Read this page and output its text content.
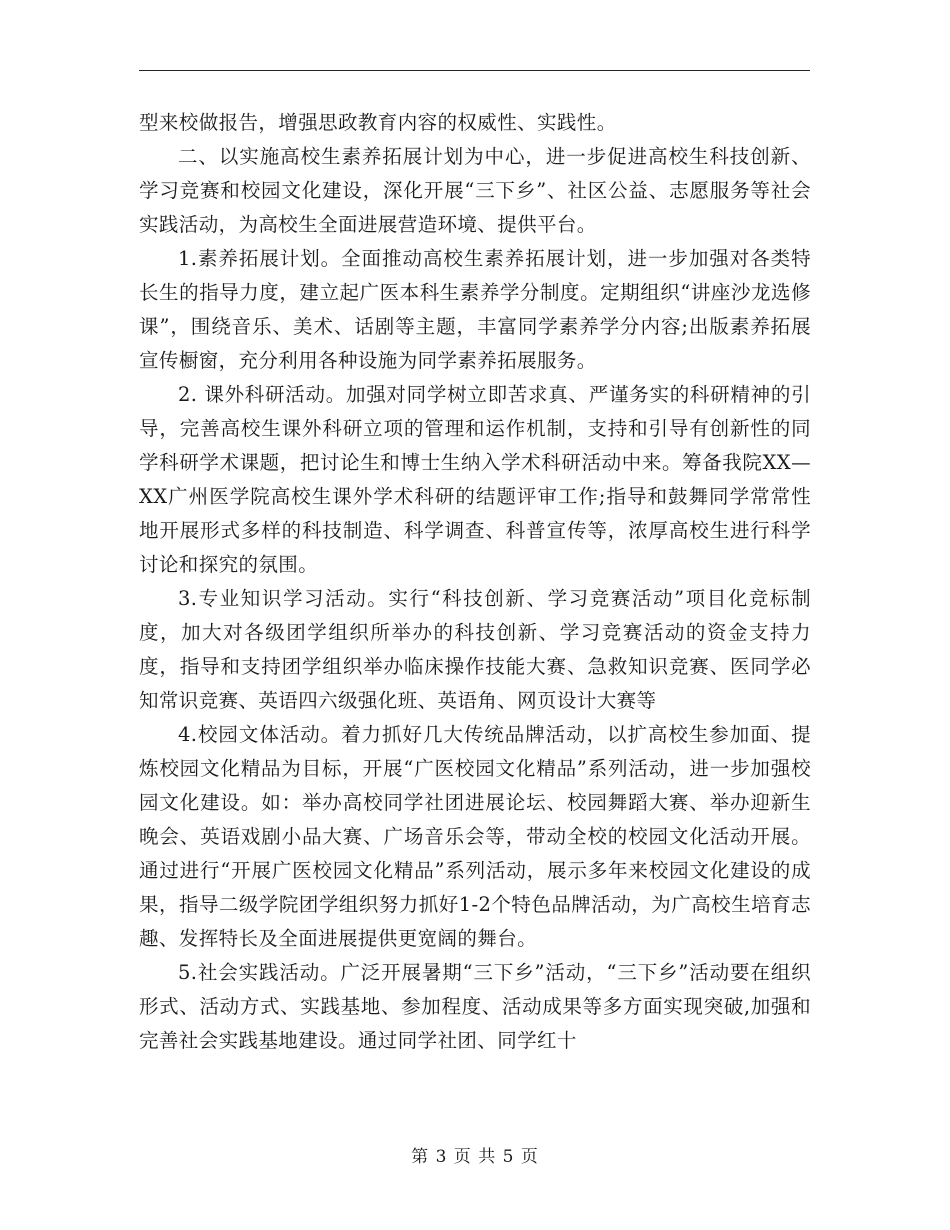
型来校做报告，增强思政教育内容的权威性、实践性。

二、以实施高校生素养拓展计划为中心，进一步促进高校生科技创新、学习竞赛和校园文化建设，深化开展“三下乡”、社区公益、志愿服务等社会实践活动，为高校生全面进展营造环境、提供平台。

1.素养拓展计划。全面推动高校生素养拓展计划，进一步加强对各类特长生的指导力度，建立起广医本科生素养学分制度。定期组织“讲座沙龙选修课”，围绕音乐、美术、话剧等主题，丰富同学素养学分内容;出版素养拓展宣传橱窗，充分利用各种设施为同学素养拓展服务。

2. 课外科研活动。加强对同学树立即苦求真、严谨务实的科研精神的引导，完善高校生课外科研立项的管理和运作机制，支持和引导有创新性的同学科研学术课题，把讨论生和博士生纳入学术科研活动中来。筹备我院XX—XX广州医学院高校生课外学术科研的结题评审工作;指导和鼓舞同学常常性地开展形式多样的科技制造、科学调查、科普宣传等，浓厚高校生进行科学讨论和探究的氛围。

3.专业知识学习活动。实行“科技创新、学习竞赛活动”项目化竞标制度，加大对各级团学组织所举办的科技创新、学习竞赛活动的资金支持力度，指导和支持团学组织举办临床操作技能大赛、急救知识竞赛、医同学必知常识竞赛、英语四六级强化班、英语角、网页设计大赛等

4.校园文体活动。着力抓好几大传统品牌活动，以扩高校生参加面、提炼校园文化精品为目标，开展“广医校园文化精品”系列活动，进一步加强校园文化建设。如：举办高校同学社团进展论坛、校园舞蹈大赛、举办迎新生晚会、英语戏剧小品大赛、广场音乐会等，带动全校的校园文化活动开展。通过进行“开展广医校园文化精品”系列活动，展示多年来校园文化建设的成果，指导二级学院团学组织努力抓好1-2个特色品牌活动，为广高校生培育志趣、发挥特长及全面进展提供更宽阔的舞台。

5.社会实践活动。广泛开展暑期“三下乡”活动，“三下乡”活动要在组织形式、活动方式、实践基地、参加程度、活动成果等多方面实现突破,加强和完善社会实践基地建设。通过同学社团、同学红十

第 3 页 共 5 页
